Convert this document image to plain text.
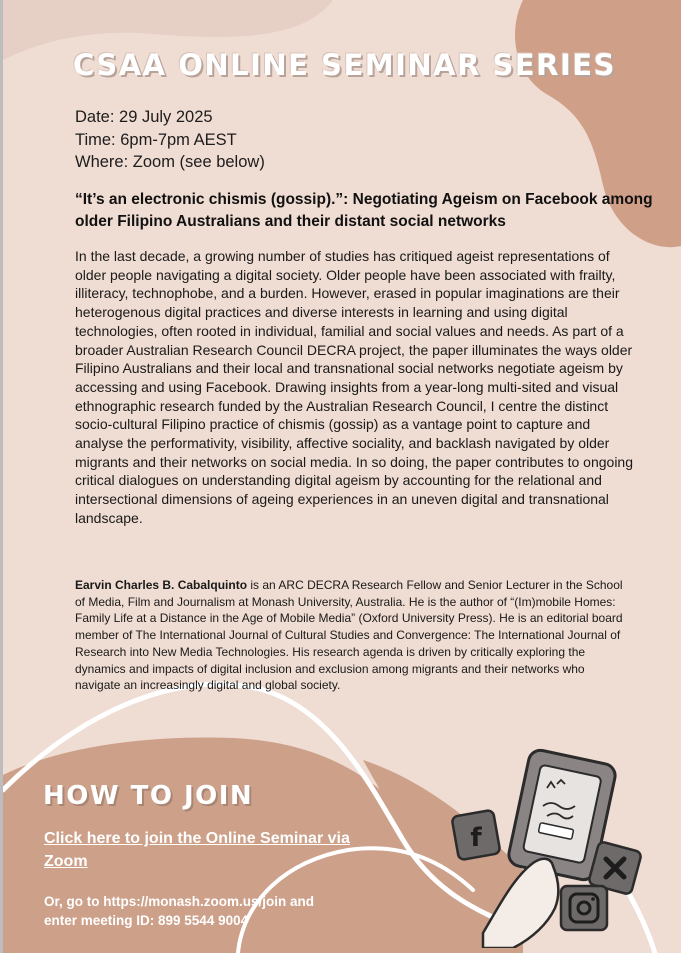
CSAA ONLINE SEMINAR SERIES
Date: 29 July 2025
Time: 6pm-7pm AEST
Where: Zoom (see below)
“It’s an electronic chismis (gossip).”: Negotiating Ageism on Facebook among older Filipino Australians and their distant social networks
In the last decade, a growing number of studies has critiqued ageist representations of older people navigating a digital society. Older people have been associated with frailty, illiteracy, technophobe, and a burden. However, erased in popular imaginations are their heterogenous digital practices and diverse interests in learning and using digital technologies, often rooted in individual, familial and social values and needs. As part of a broader Australian Research Council DECRA project, the paper illuminates the ways older Filipino Australians and their local and transnational social networks negotiate ageism by accessing and using Facebook. Drawing insights from a year-long multi-sited and visual ethnographic research funded by the Australian Research Council, I centre the distinct socio-cultural Filipino practice of chismis (gossip) as a vantage point to capture and analyse the performativity, visibility, affective sociality, and backlash navigated by older migrants and their networks on social media. In so doing, the paper contributes to ongoing critical dialogues on understanding digital ageism by accounting for the relational and intersectional dimensions of ageing experiences in an uneven digital and transnational landscape.
Earvin Charles B. Cabalquinto is an ARC DECRA Research Fellow and Senior Lecturer in the School of Media, Film and Journalism at Monash University, Australia. He is the author of “(Im)mobile Homes: Family Life at a Distance in the Age of Mobile Media” (Oxford University Press). He is an editorial board member of The International Journal of Cultural Studies and Convergence: The International Journal of Research into New Media Technologies. His research agenda is driven by critically exploring the dynamics and impacts of digital inclusion and exclusion among migrants and their networks who navigate an increasingly digital and global society.
HOW TO JOIN
Click here to join the Online Seminar via Zoom
Or, go to https://monash.zoom.us/join and enter meeting ID: 899 5544 9004
f
